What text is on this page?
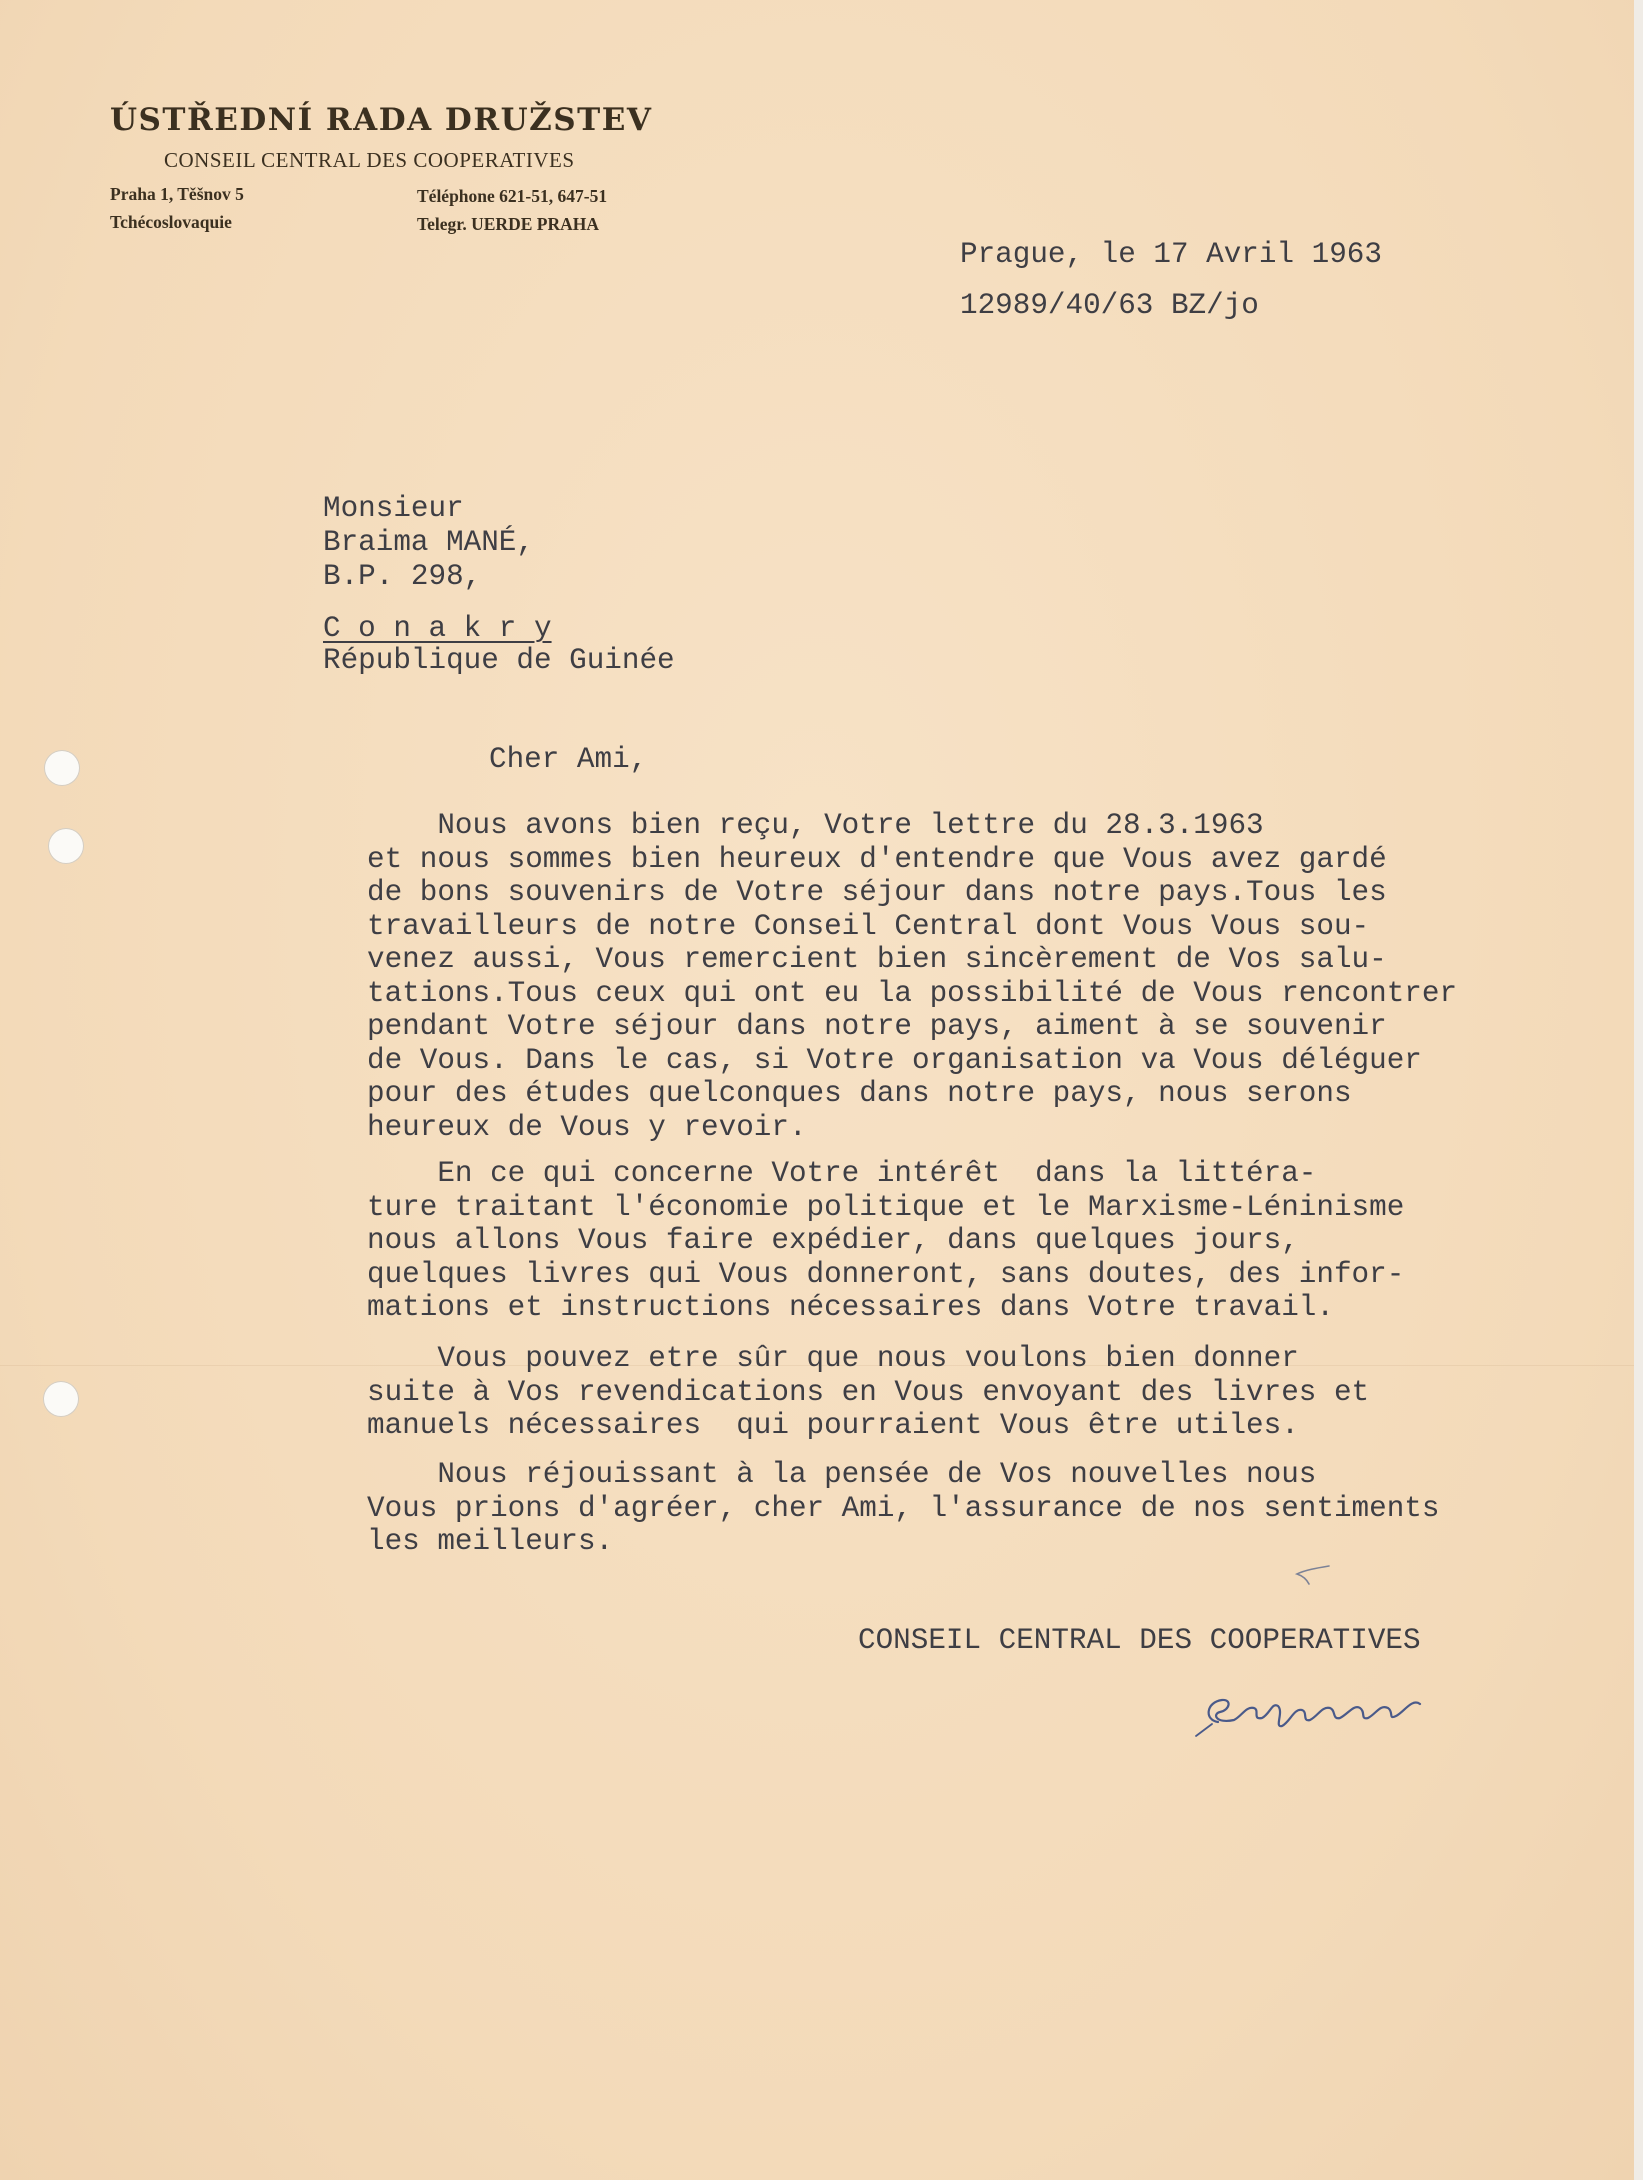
ÚSTŘEDNÍ RADA DRUŽSTEV
CONSEIL CENTRAL DES COOPERATIVES
Praha 1, Těšnov 5
Tchécoslovaquie
Téléphone 621-51, 647-51
Telegr. UERDE PRAHA
Prague, le 17 Avril 1963
12989/40/63 BZ/jo
Monsieur
Braima MANÉ,
B.P. 298,
C o n a k r y
République de Guinée
Cher Ami,
Nous avons bien reçu, Votre lettre du 28.3.1963
et nous sommes bien heureux d'entendre que Vous avez gardé
de bons souvenirs de Votre séjour dans notre pays.Tous les
travailleurs de notre Conseil Central dont Vous Vous sou-
venez aussi, Vous remercient bien sincèrement de Vos salu-
tations.Tous ceux qui ont eu la possibilité de Vous rencontrer
pendant Votre séjour dans notre pays, aiment à se souvenir
de Vous. Dans le cas, si Votre organisation va Vous déléguer
pour des études quelconques dans notre pays, nous serons
heureux de Vous y revoir.
En ce qui concerne Votre intérêt  dans la littéra-
ture traitant l'économie politique et le Marxisme-Léninisme
nous allons Vous faire expédier, dans quelques jours,
quelques livres qui Vous donneront, sans doutes, des infor-
mations et instructions nécessaires dans Votre travail.
Vous pouvez etre sûr que nous voulons bien donner
suite à Vos revendications en Vous envoyant des livres et
manuels nécessaires  qui pourraient Vous être utiles.
Nous réjouissant à la pensée de Vos nouvelles nous
Vous prions d'agréer, cher Ami, l'assurance de nos sentiments
les meilleurs.
CONSEIL CENTRAL DES COOPERATIVES
